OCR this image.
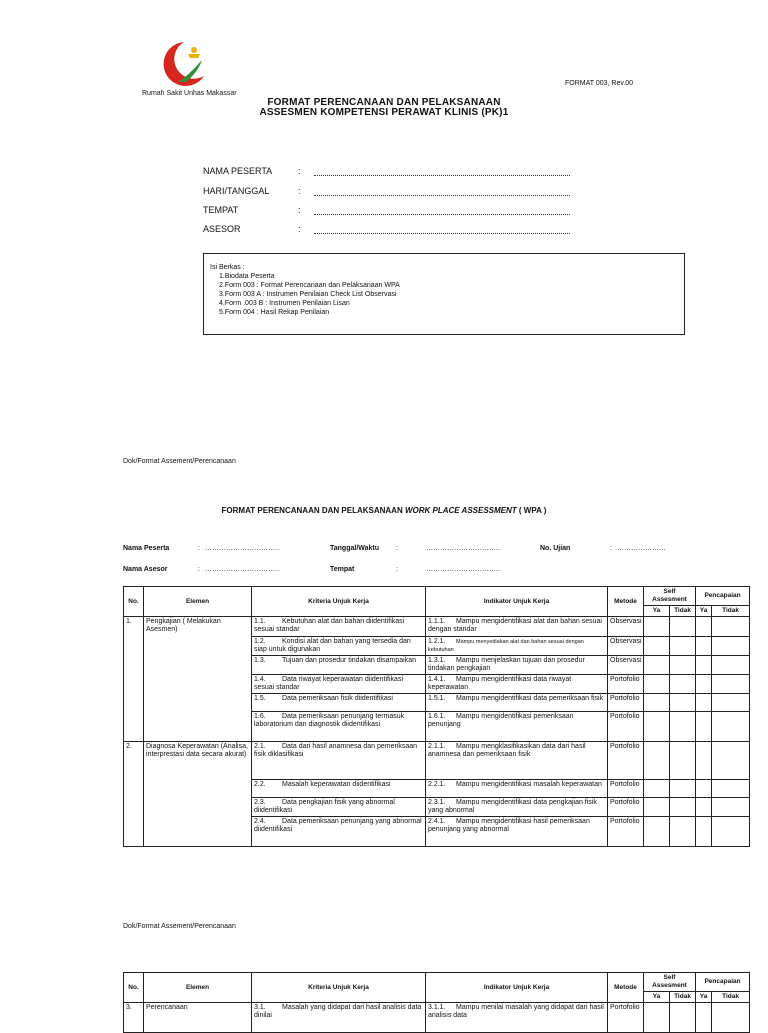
Rumah Sakit Unhas Makassar
FORMAT 003, Rev.00
FORMAT PERENCANAAN DAN PELAKSANAAN
ASSESMEN KOMPETENSI PERAWAT KLINIS (PK)1
NAMA PESERTA	:
HARI/TANGGAL	:
TEMPAT	:
ASESOR	:
Isi Berkas :
1.Biodata Peserta
2.Form 003 : Format Perencanaan dan Pelaksanaan WPA
3.Form 003 A : Instrumen Penilaian Check List Observasi
4.Form .003 B : Instrumen Penilaian Lisan
5.Form 004 : Hasil Rekap Penilaian
Dok/Format Assement/Perencanaan
FORMAT PERENCANAAN DAN PELAKSANAAN WORK PLACE ASSESSMENT ( WPA )
Nama Peserta	: …………………………..	Tanggal/Waktu :	…………………………..	No. Ujian	: …………………
Nama Asesor	: …………………………..	Tempat	:	…………………………..
No.	Elemen	Kriteria Unjuk Kerja	Indikator Unjuk Kerja	Metode	Self Assesment		Pencapaian	
					Ya	Tidak	Ya	Tidak
1.	Pengkajian ( Melakukan Asesmen)	1.1. Kebutuhan alat dan bahan diidentifikasi sesuai standar	1.1.1. Mampu mengidentifikasi alat dan bahan sesuai dengan standar	Observasi				
		1.2. Kondisi alat dan bahan yang tersedia dan siap untuk digunakan	1.2.1. Mampu menyediakan alat dan bahan sesuai dengan kebutuhan	Observasi				
		1.3. Tujuan dan prosedur tindakan disampaikan	1.3.1. Mampu menjelaskan tujuan dan prosedur tindakan pengkajian	Observasi				
		1.4. Data riwayat keperawatan diidentifikasi sesuai standar	1.4.1. Mampu mengidentifikasi data riwayat keperawatan	Portofolio				
		1.5. Data pemeriksaan fisik diidentifikasi	1.5.1. Mampu mengidentifikasi data pemeriksaan fisik	Portofolio				
		1.6. Data pemeriksaan penunjang termasuk laboratorium dan diagnostik diidentifikasi	1.6.1. Mampu mengidentifikasi pemeriksaan penunjang	Portofolio				
2.	Diagnosa Keperawatan (Analisa, interprestasi data secara akurat)	2.1. Data dari hasil anamnesa dan pemeriksaan fisik diklasifikasi	2.1.1. Mampu mengklasifikasikan data dari hasil anamnesa dan pemeriksaan fisik	Portofolio				
		2.2. Masalah keperawatan diidentifikasi	2.2.1. Mampu mengidentifikasi masalah keperawatan	Portofolio				
		2.3. Data pengkajian fisik yang abnormal diidentifikasi	2.3.1. Mampu mengidentifikasi data pengkajian fisik yang abnormal	Portofolio				
		2.4. Data pemeriksaan penunjang yang abnormal diidentifikasi	2.4.1. Mampu mengidentifikasi hasil pemeriksaan penunjang yang abnormal	Portofolio				
Dok/Format Assement/Perencanaan
No.	Elemen	Kriteria Unjuk Kerja	Indikator Unjuk Kerja	Metode	Self Assesment		Pencapaian	
					Ya	Tidak	Ya	Tidak
3.	Perencanaan	3.1. Masalah yang didapat dari hasil analisis data dinilai	3.1.1. Mampu menilai masalah yang didapat dari hasil analisis data	Portofolio				
